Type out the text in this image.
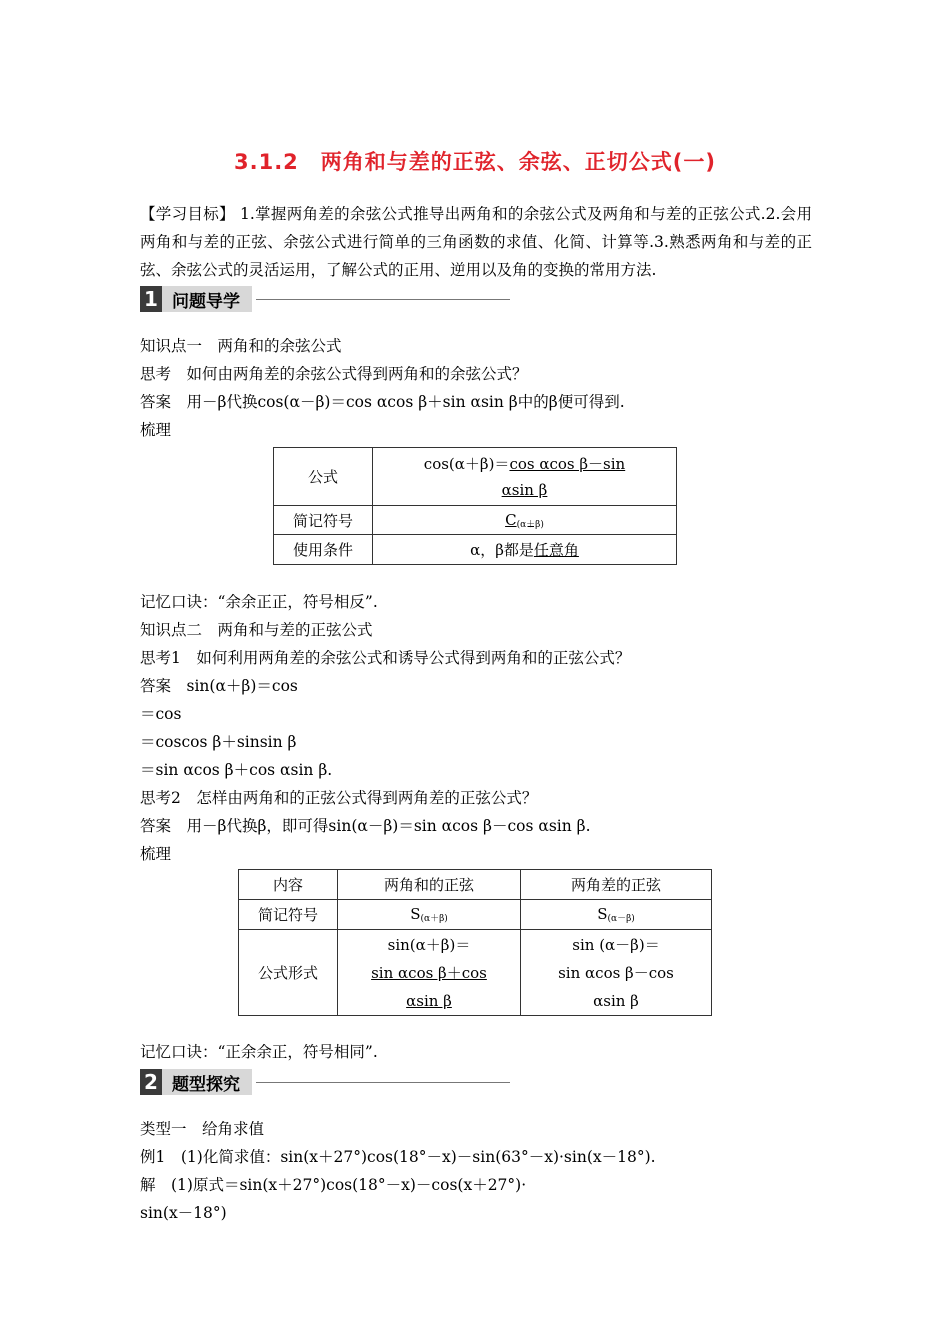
3.1.2　两角和与差的正弦、余弦、正切公式(一)
【学习目标】 1.掌握两角差的余弦公式推导出两角和的余弦公式及两角和与差的正弦公式.2.会用两角和与差的正弦、余弦公式进行简单的三角函数的求值、化简、计算等.3.熟悉两角和与差的正弦、余弦公式的灵活运用，了解公式的正用、逆用以及角的变换的常用方法.
1 问题导学
知识点一　两角和的余弦公式
思考　如何由两角差的余弦公式得到两角和的余弦公式？
答案　用－β代换cos(α－β)＝cos αcos β＋sin αsin β中的β便可得到.
梳理
公式	cos(α＋β)＝cos αcos β－sin
αsin β
简记符号	$C_{(\alpha+\beta)}$
使用条件	α，β都是任意角
记忆口诀：“余余正正，符号相反”.
知识点二　两角和与差的正弦公式
思考1　如何利用两角差的余弦公式和诱导公式得到两角和的正弦公式？
答案　sin(α＋β)＝cos
＝cos
＝coscos β＋sinsin β
＝sin αcos β＋cos αsin β.
思考2　怎样由两角和的正弦公式得到两角差的正弦公式？
答案　用－β代换β，即可得sin(α－β)＝sin αcos β－cos αsin β.
梳理
内容	两角和的正弦	两角差的正弦
简记符号	$S_{(\alpha+\beta)}$	$S_{(\alpha-\beta)}$
公式形式	sin(α＋β)＝
sin αcos β＋cos
αsin β	sin (α－β)＝
sin αcos β－cos
αsin β
记忆口诀：“正余余正，符号相同”.
2 题型探究
类型一　给角求值
例1　(1)化简求值：sin(x＋27°)cos(18°－x)－sin(63°－x)·sin(x－18°).
解　(1)原式＝sin(x＋27°)cos(18°－x)－cos(x＋27°)·
sin(x－18°)
